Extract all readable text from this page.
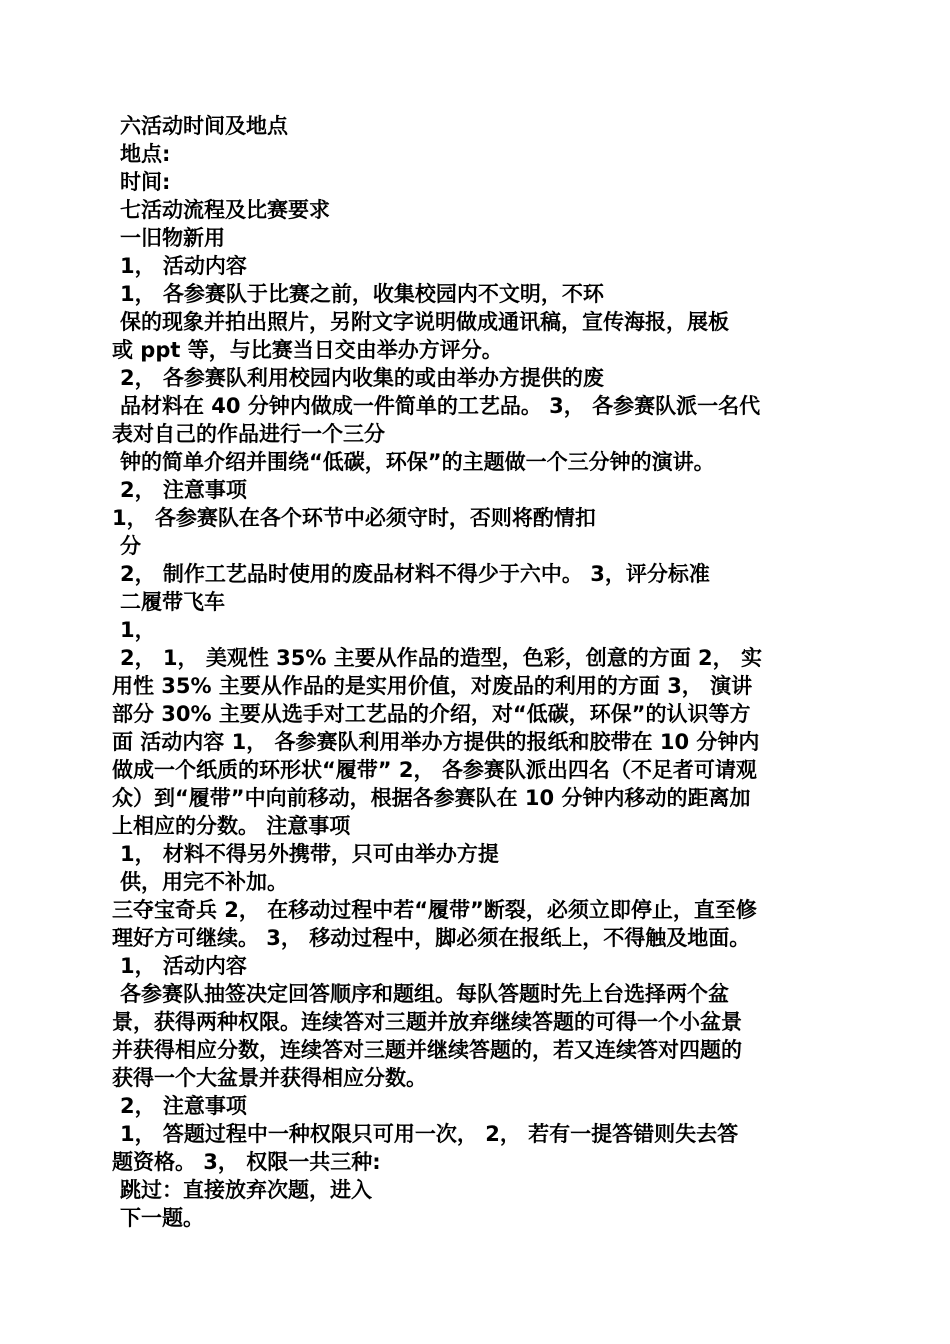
六活动时间及地点
地点:
时间:
七活动流程及比赛要求
一旧物新用
1， 活动内容
1， 各参赛队于比赛之前，收集校园内不文明，不环
保的现象并拍出照片，另附文字说明做成通讯稿，宣传海报，展板
或 ppt 等，与比赛当日交由举办方评分。
2， 各参赛队利用校园内收集的或由举办方提供的废
品材料在 40 分钟内做成一件简单的工艺品。 3， 各参赛队派一名代
表对自己的作品进行一个三分
钟的简单介绍并围绕“低碳，环保”的主题做一个三分钟的演讲。
2， 注意事项
1， 各参赛队在各个环节中必须守时，否则将酌情扣
分
2， 制作工艺品时使用的废品材料不得少于六中。 3，评分标准
二履带飞车
1，
2， 1， 美观性 35% 主要从作品的造型，色彩，创意的方面 2， 实
用性 35% 主要从作品的是实用价值，对废品的利用的方面 3， 演讲
部分 30% 主要从选手对工艺品的介绍，对“低碳，环保”的认识等方
面 活动内容 1， 各参赛队利用举办方提供的报纸和胶带在 10 分钟内
做成一个纸质的环形状“履带” 2， 各参赛队派出四名（不足者可请观
众）到“履带”中向前移动，根据各参赛队在 10 分钟内移动的距离加
上相应的分数。 注意事项
1， 材料不得另外携带，只可由举办方提
供，用完不补加。
三夺宝奇兵 2， 在移动过程中若“履带”断裂，必须立即停止，直至修
理好方可继续。 3， 移动过程中，脚必须在报纸上，不得触及地面。
1， 活动内容
各参赛队抽签决定回答顺序和题组。每队答题时先上台选择两个盆
景，获得两种权限。连续答对三题并放弃继续答题的可得一个小盆景
并获得相应分数，连续答对三题并继续答题的，若又连续答对四题的
获得一个大盆景并获得相应分数。
2， 注意事项
1， 答题过程中一种权限只可用一次， 2， 若有一提答错则失去答
题资格。 3， 权限一共三种:
跳过：直接放弃次题，进入
下一题。
